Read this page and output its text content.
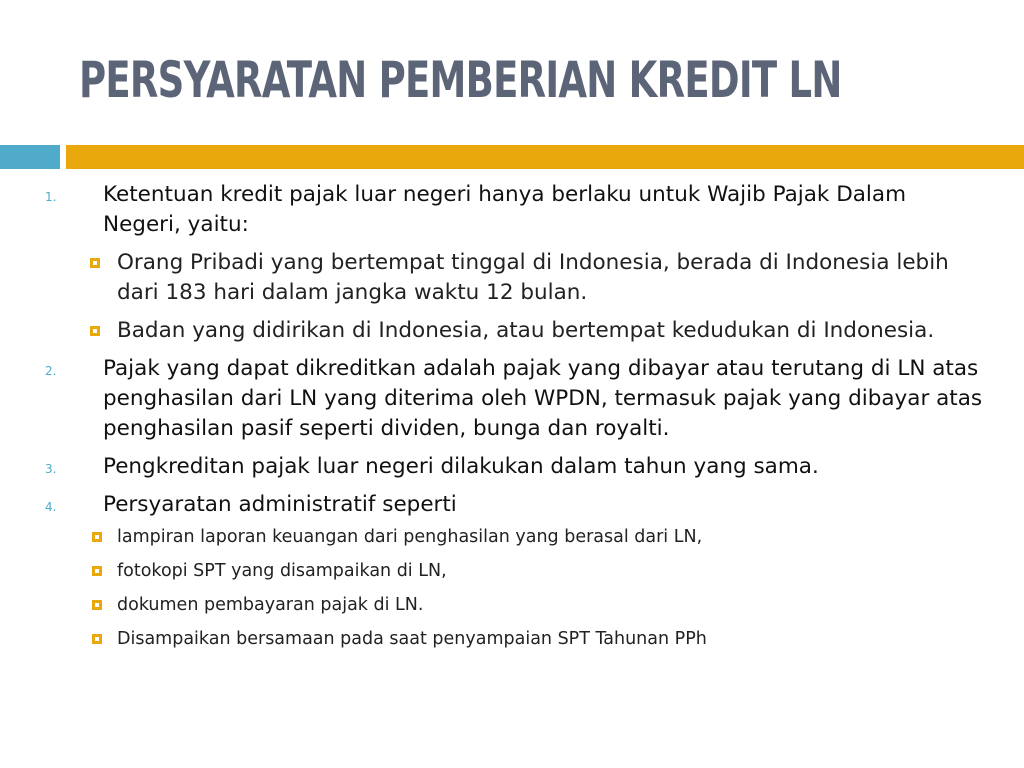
PERSYARATAN PEMBERIAN KREDIT LN
1. Ketentuan kredit pajak luar negeri hanya berlaku untuk Wajib Pajak Dalam Negeri, yaitu:
Orang Pribadi yang bertempat tinggal di Indonesia, berada di Indonesia lebih dari 183 hari dalam jangka waktu 12 bulan.
Badan yang didirikan di Indonesia, atau bertempat kedudukan di Indonesia.
2. Pajak yang dapat dikreditkan adalah pajak yang dibayar atau terutang di LN atas penghasilan dari LN yang diterima oleh WPDN, termasuk pajak yang dibayar atas penghasilan pasif seperti dividen, bunga dan royalti.
3. Pengkreditan pajak luar negeri dilakukan dalam tahun yang sama.
4. Persyaratan administratif seperti
lampiran laporan keuangan dari penghasilan yang berasal dari LN,
fotokopi SPT yang disampaikan di LN,
dokumen pembayaran pajak di LN.
Disampaikan bersamaan pada saat penyampaian SPT Tahunan PPh
